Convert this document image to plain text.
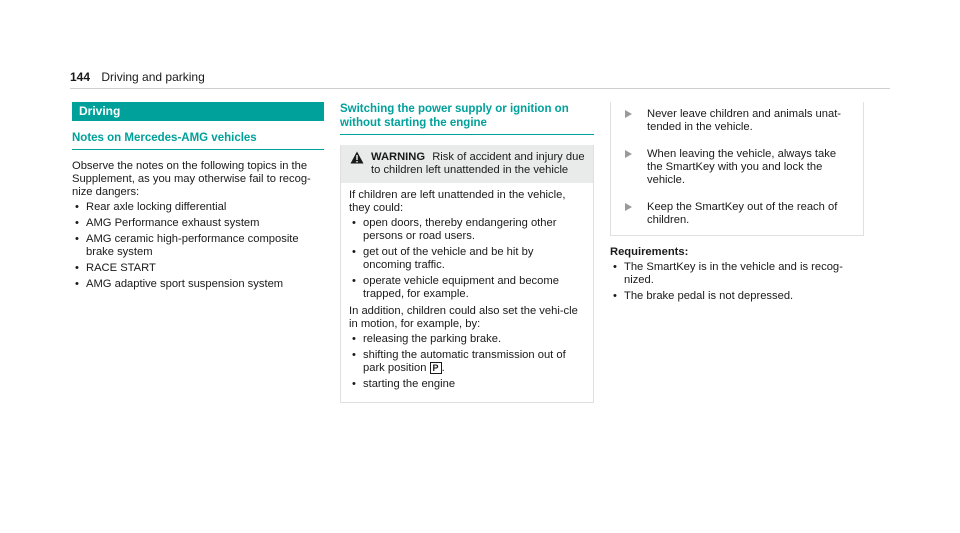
144 Driving and parking
Driving
Notes on Mercedes-AMG vehicles
Observe the notes on the following topics in the Supplement, as you may otherwise fail to recog-nize dangers:
• Rear axle locking differential
• AMG Performance exhaust system
• AMG ceramic high-performance composite brake system
• RACE START
• AMG adaptive sport suspension system
Switching the power supply or ignition on without starting the engine
WARNING Risk of accident and injury due to children left unattended in the vehicle
If children are left unattended in the vehicle, they could:
• open doors, thereby endangering other persons or road users.
• get out of the vehicle and be hit by oncoming traffic.
• operate vehicle equipment and become trapped, for example.
In addition, children could also set the vehi-cle in motion, for example, by:
• releasing the parking brake.
• shifting the automatic transmission out of park position P .
• starting the engine
Never leave children and animals unat-tended in the vehicle.
When leaving the vehicle, always take the SmartKey with you and lock the vehicle.
Keep the SmartKey out of the reach of children.
Requirements:
• The SmartKey is in the vehicle and is recog-nized.
• The brake pedal is not depressed.
